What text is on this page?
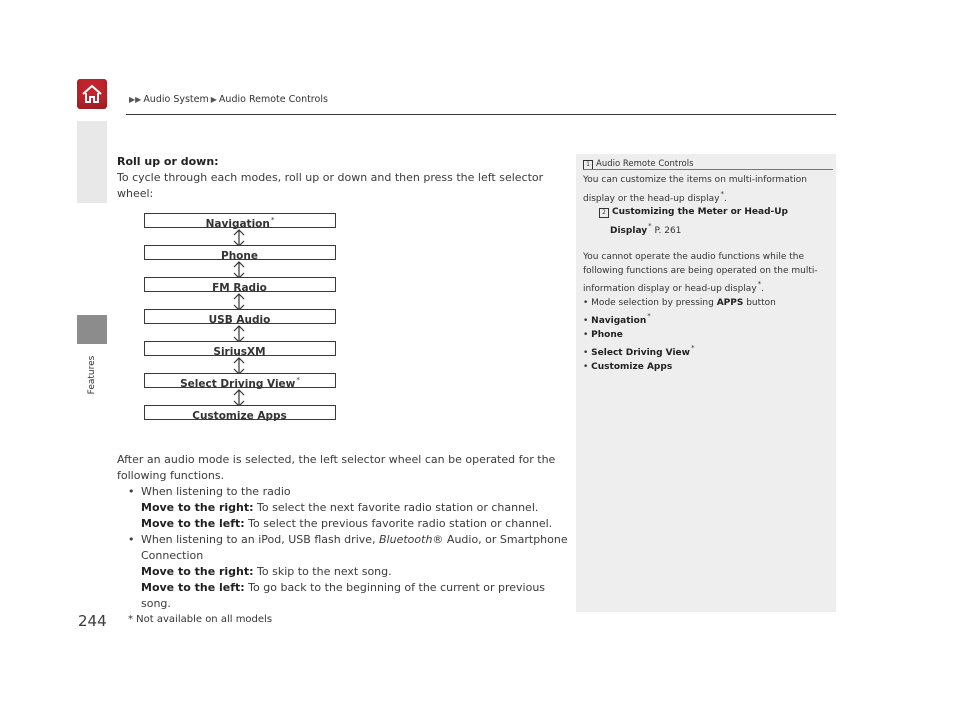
▶▶ Audio System ▶ Audio Remote Controls
Features
Roll up or down:
To cycle through each modes, roll up or down and then press the left selector wheel:
Navigation*
Phone
FM Radio
USB Audio
SiriusXM
Select Driving View*
Customize Apps
After an audio mode is selected, the left selector wheel can be operated for the following functions.
• When listening to the radio
Move to the right: To select the next favorite radio station or channel.
Move to the left: To select the previous favorite radio station or channel.
• When listening to an iPod, USB flash drive, Bluetooth® Audio, or Smartphone
Connection
Move to the right: To skip to the next song.
Move to the left: To go back to the beginning of the current or previous song.
1 Audio Remote Controls
You can customize the items on multi-information display or the head-up display*.
2 Customizing the Meter or Head-Up
Display* P. 261
You cannot operate the audio functions while the following functions are being operated on the multi-information display or head-up display*.
• Mode selection by pressing APPS button
• Navigation*
• Phone
• Select Driving View*
• Customize Apps
244 * Not available on all models
